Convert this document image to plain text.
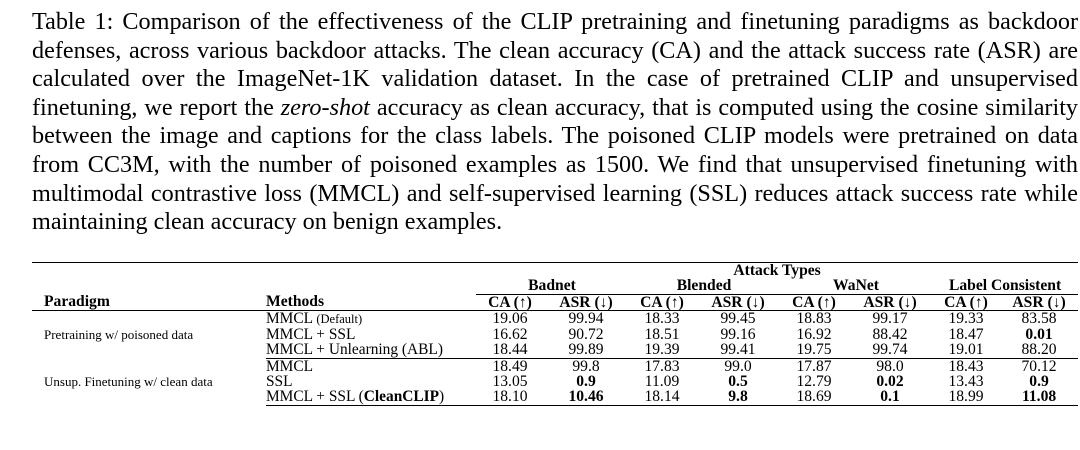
Table 1: Comparison of the effectiveness of the CLIP pretraining and finetuning paradigms as backdoor defenses, across various backdoor attacks. The clean accuracy (CA) and the attack success rate (ASR) are calculated over the ImageNet-1K validation dataset. In the case of pretrained CLIP and unsupervised finetuning, we report the zero-shot accuracy as clean accuracy, that is computed using the cosine similarity between the image and captions for the class labels. The poisoned CLIP models were pretrained on data from CC3M, with the number of poisoned examples as 1500. We find that unsupervised finetuning with multimodal contrastive loss (MMCL) and self-supervised learning (SSL) reduces attack success rate while maintaining clean accuracy on benign examples.

		Attack Types							
		Badnet		Blended		WaNet		Label Consistent	
Paradigm	Methods	CA (↑)	ASR (↓)	CA (↑)	ASR (↓)	CA (↑)	ASR (↓)	CA (↑)	ASR (↓)
Pretraining w/ poisoned data	MMCL (Default)	19.06	99.94	18.33	99.45	18.83	99.17	19.33	83.58
	MMCL + SSL	16.62	90.72	18.51	99.16	16.92	88.42	18.47	0.01
	MMCL + Unlearning (ABL)	18.44	99.89	19.39	99.41	19.75	99.74	19.01	88.20
Unsup. Finetuning w/ clean data	MMCL	18.49	99.8	17.83	99.0	17.87	98.0	18.43	70.12
	SSL	13.05	0.9	11.09	0.5	12.79	0.02	13.43	0.9
	MMCL + SSL (CleanCLIP)	18.10	10.46	18.14	9.8	18.69	0.1	18.99	11.08
